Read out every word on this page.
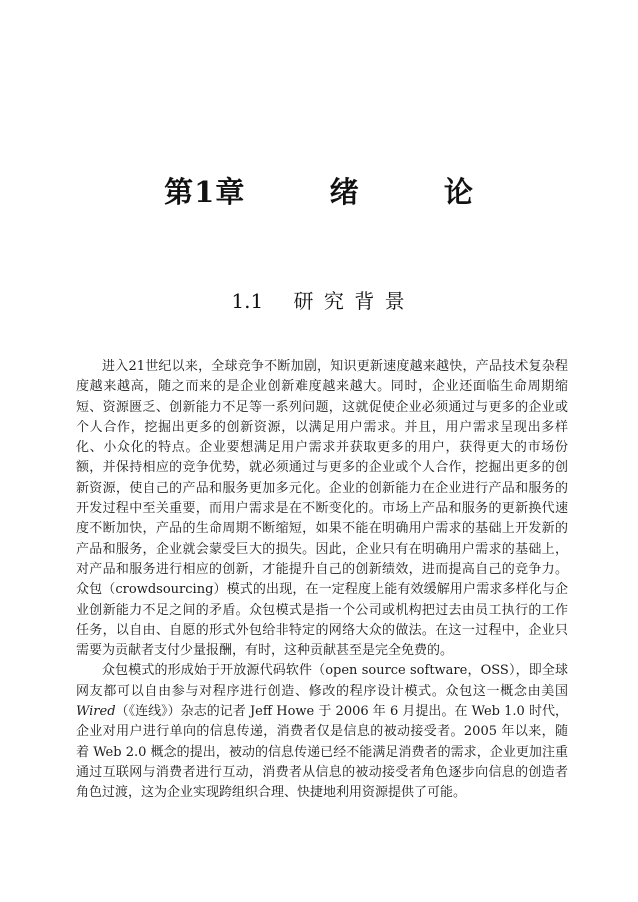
第1章	绪	论
1.1 研 究 背 景

进入21世纪以来，全球竞争不断加剧，知识更新速度越来越快，产品技术复杂程度越来越高，随之而来的是企业创新难度越来越大。同时，企业还面临生命周期缩短、资源匮乏、创新能力不足等一系列问题，这就促使企业必须通过与更多的企业或个人合作，挖掘出更多的创新资源，以满足用户需求。并且，用户需求呈现出多样化、小众化的特点。企业要想满足用户需求并获取更多的用户，获得更大的市场份额，并保持相应的竞争优势，就必须通过与更多的企业或个人合作，挖掘出更多的创新资源，使自己的产品和服务更加多元化。企业的创新能力在企业进行产品和服务的开发过程中至关重要，而用户需求是在不断变化的。市场上产品和服务的更新换代速度不断加快，产品的生命周期不断缩短，如果不能在明确用户需求的基础上开发新的产品和服务，企业就会蒙受巨大的损失。因此，企业只有在明确用户需求的基础上，对产品和服务进行相应的创新，才能提升自己的创新绩效，进而提高自己的竞争力。众包（crowdsourcing）模式的出现，在一定程度上能有效缓解用户需求多样化与企业创新能力不足之间的矛盾。众包模式是指一个公司或机构把过去由员工执行的工作任务，以自由、自愿的形式外包给非特定的网络大众的做法。在这一过程中，企业只需要为贡献者支付少量报酬，有时，这种贡献甚至是完全免费的。

众包模式的形成始于开放源代码软件（open source software，OSS），即全球网友都可以自由参与对程序进行创造、修改的程序设计模式。众包这一概念由美国Wired（《连线》）杂志的记者 Jeff Howe 于 2006 年 6 月提出。在 Web 1.0 时代，企业对用户进行单向的信息传递，消费者仅是信息的被动接受者。2005 年以来，随着 Web 2.0 概念的提出，被动的信息传递已经不能满足消费者的需求，企业更加注重通过互联网与消费者进行互动，消费者从信息的被动接受者角色逐步向信息的创造者角色过渡，这为企业实现跨组织合理、快捷地利用资源提供了可能。
